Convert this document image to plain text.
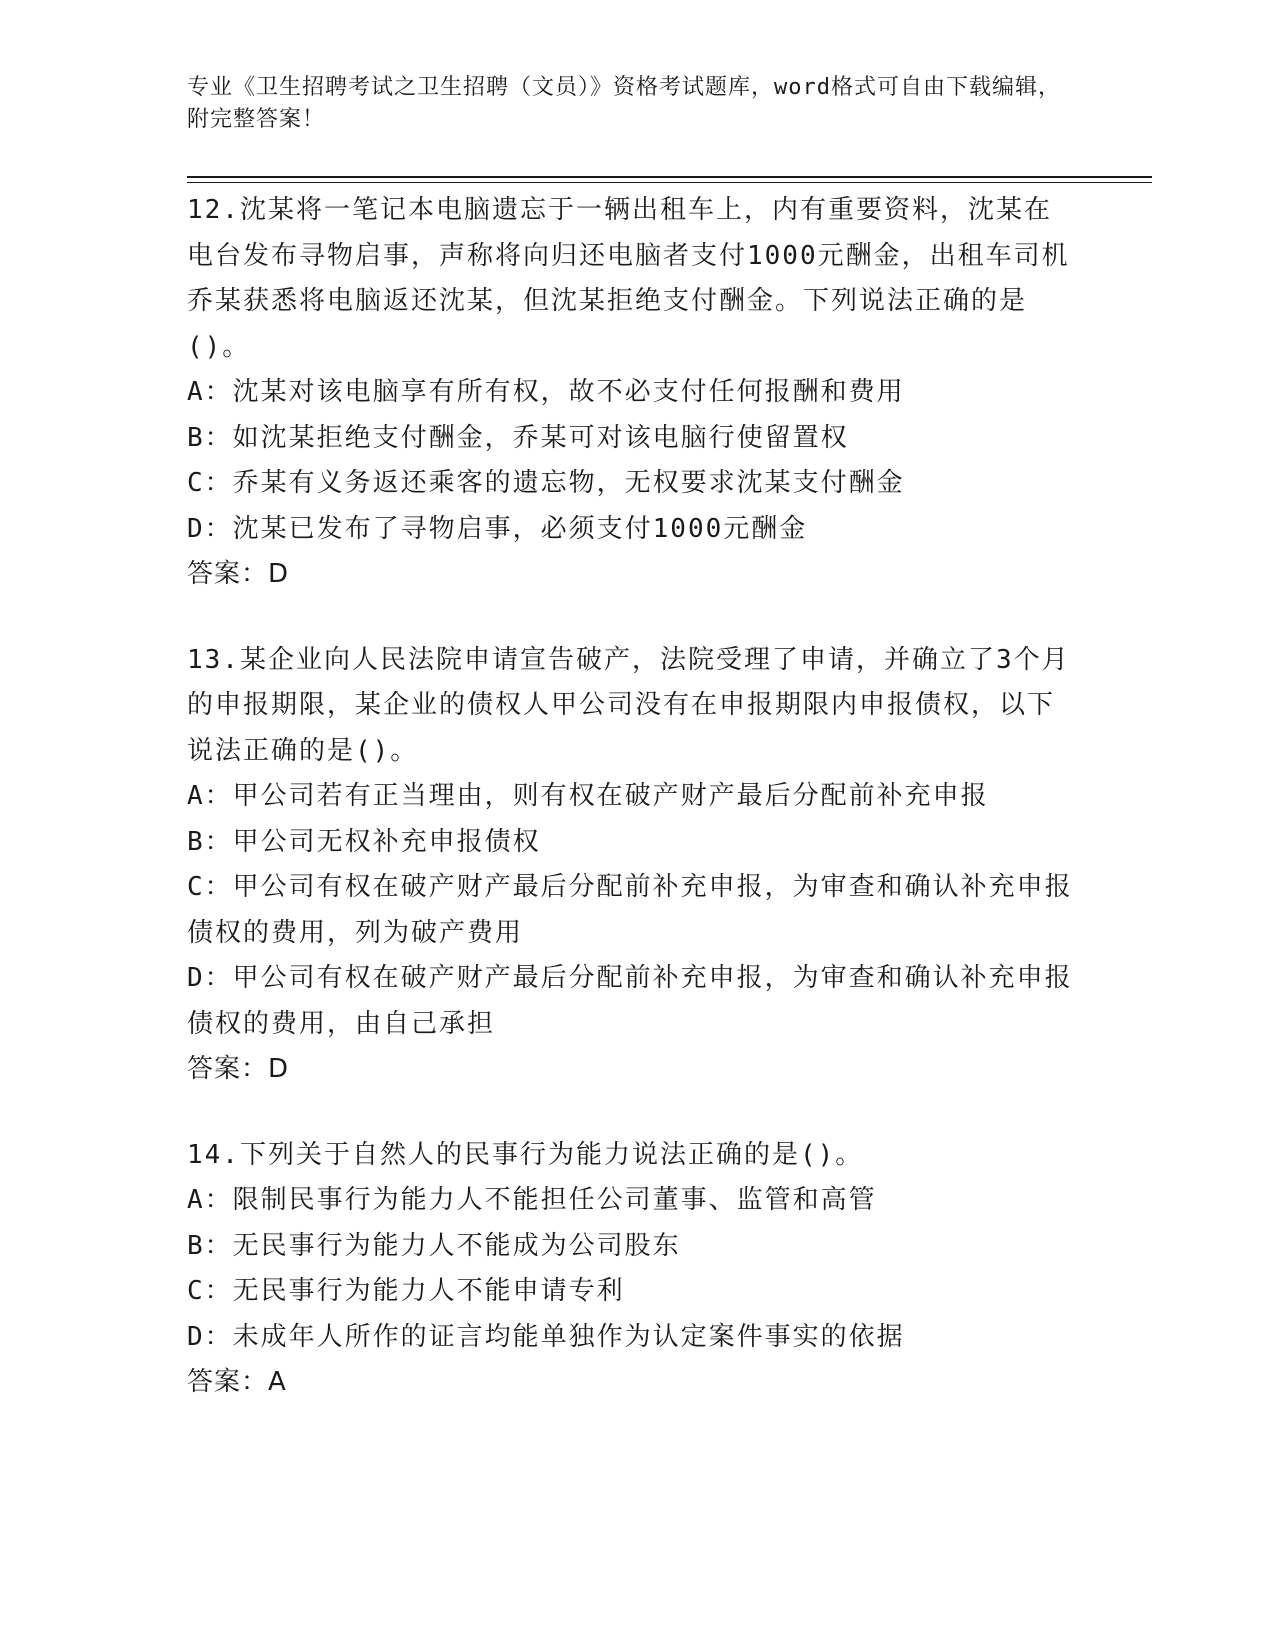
专业《卫生招聘考试之卫生招聘（文员）》资格考试题库，word格式可自由下载编辑，附完整答案！
12.沈某将一笔记本电脑遗忘于一辆出租车上，内有重要资料，沈某在电台发布寻物启事，声称将向归还电脑者支付1000元酬金，出租车司机乔某获悉将电脑返还沈某，但沈某拒绝支付酬金。下列说法正确的是()。
A：沈某对该电脑享有所有权，故不必支付任何报酬和费用
B：如沈某拒绝支付酬金，乔某可对该电脑行使留置权
C：乔某有义务返还乘客的遗忘物，无权要求沈某支付酬金
D：沈某已发布了寻物启事，必须支付1000元酬金
答案：D
13.某企业向人民法院申请宣告破产，法院受理了申请，并确立了3个月的申报期限，某企业的债权人甲公司没有在申报期限内申报债权，以下说法正确的是()。
A：甲公司若有正当理由，则有权在破产财产最后分配前补充申报
B：甲公司无权补充申报债权
C：甲公司有权在破产财产最后分配前补充申报，为审查和确认补充申报债权的费用，列为破产费用
D：甲公司有权在破产财产最后分配前补充申报，为审查和确认补充申报债权的费用，由自己承担
答案：D
14.下列关于自然人的民事行为能力说法正确的是()。
A：限制民事行为能力人不能担任公司董事、监管和高管
B：无民事行为能力人不能成为公司股东
C：无民事行为能力人不能申请专利
D：未成年人所作的证言均能单独作为认定案件事实的依据
答案：A
